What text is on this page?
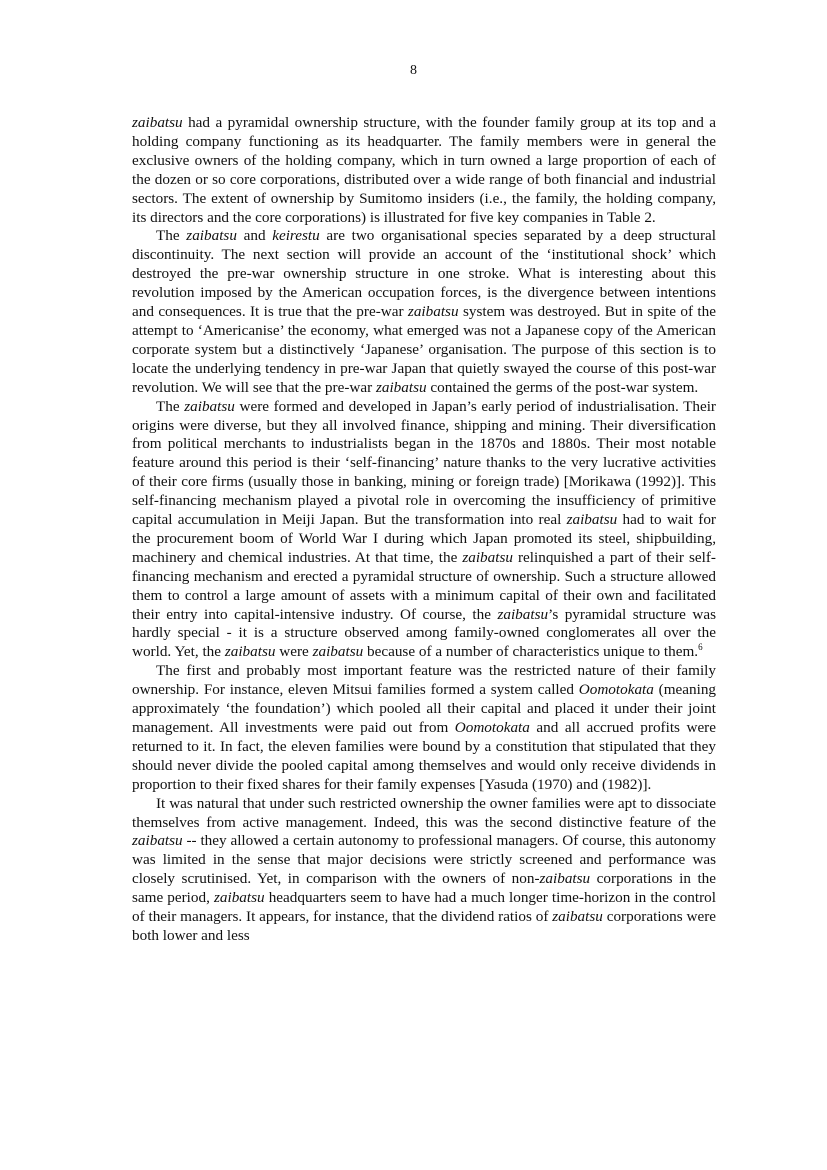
8

zaibatsu had a pyramidal ownership structure, with the founder family group at its top and a holding company functioning as its headquarter. The family members were in general the exclusive owners of the holding company, which in turn owned a large proportion of each of the dozen or so core corporations, distributed over a wide range of both financial and industrial sectors. The extent of ownership by Sumitomo insiders (i.e., the family, the holding company, its directors and the core corporations) is illustrated for five key companies in Table 2.

The zaibatsu and keirestu are two organisational species separated by a deep structural discontinuity. The next section will provide an account of the ‘institutional shock’ which destroyed the pre-war ownership structure in one stroke. What is interesting about this revolution imposed by the American occupation forces, is the divergence between intentions and consequences. It is true that the pre-war zaibatsu system was destroyed. But in spite of the attempt to ‘Americanise’ the economy, what emerged was not a Japanese copy of the American corporate system but a distinctively ‘Japanese’ organisation. The purpose of this section is to locate the underlying tendency in pre-war Japan that quietly swayed the course of this post-war revolution. We will see that the pre-war zaibatsu contained the germs of the post-war system.

The zaibatsu were formed and developed in Japan’s early period of industrialisation. Their origins were diverse, but they all involved finance, shipping and mining. Their diversification from political merchants to industrialists began in the 1870s and 1880s. Their most notable feature around this period is their ‘self-financing’ nature thanks to the very lucrative activities of their core firms (usually those in banking, mining or foreign trade) [Morikawa (1992)]. This self-financing mechanism played a pivotal role in overcoming the insufficiency of primitive capital accumulation in Meiji Japan. But the transformation into real zaibatsu had to wait for the procurement boom of World War I during which Japan promoted its steel, shipbuilding, machinery and chemical industries. At that time, the zaibatsu relinquished a part of their self-financing mechanism and erected a pyramidal structure of ownership. Such a structure allowed them to control a large amount of assets with a minimum capital of their own and facilitated their entry into capital-intensive industry. Of course, the zaibatsu’s pyramidal structure was hardly special - it is a structure observed among family-owned conglomerates all over the world. Yet, the zaibatsu were zaibatsu because of a number of characteristics unique to them.$^6$

The first and probably most important feature was the restricted nature of their family ownership. For instance, eleven Mitsui families formed a system called Oomotokata (meaning approximately ‘the foundation’) which pooled all their capital and placed it under their joint management. All investments were paid out from Oomotokata and all accrued profits were returned to it. In fact, the eleven families were bound by a constitution that stipulated that they should never divide the pooled capital among themselves and would only receive dividends in proportion to their fixed shares for their family expenses [Yasuda (1970) and (1982)].

It was natural that under such restricted ownership the owner families were apt to dissociate themselves from active management. Indeed, this was the second distinctive feature of the zaibatsu -- they allowed a certain autonomy to professional managers. Of course, this autonomy was limited in the sense that major decisions were strictly screened and performance was closely scrutinised. Yet, in comparison with the owners of non-zaibatsu corporations in the same period, zaibatsu headquarters seem to have had a much longer time-horizon in the control of their managers. It appears, for instance, that the dividend ratios of zaibatsu corporations were both lower and less
